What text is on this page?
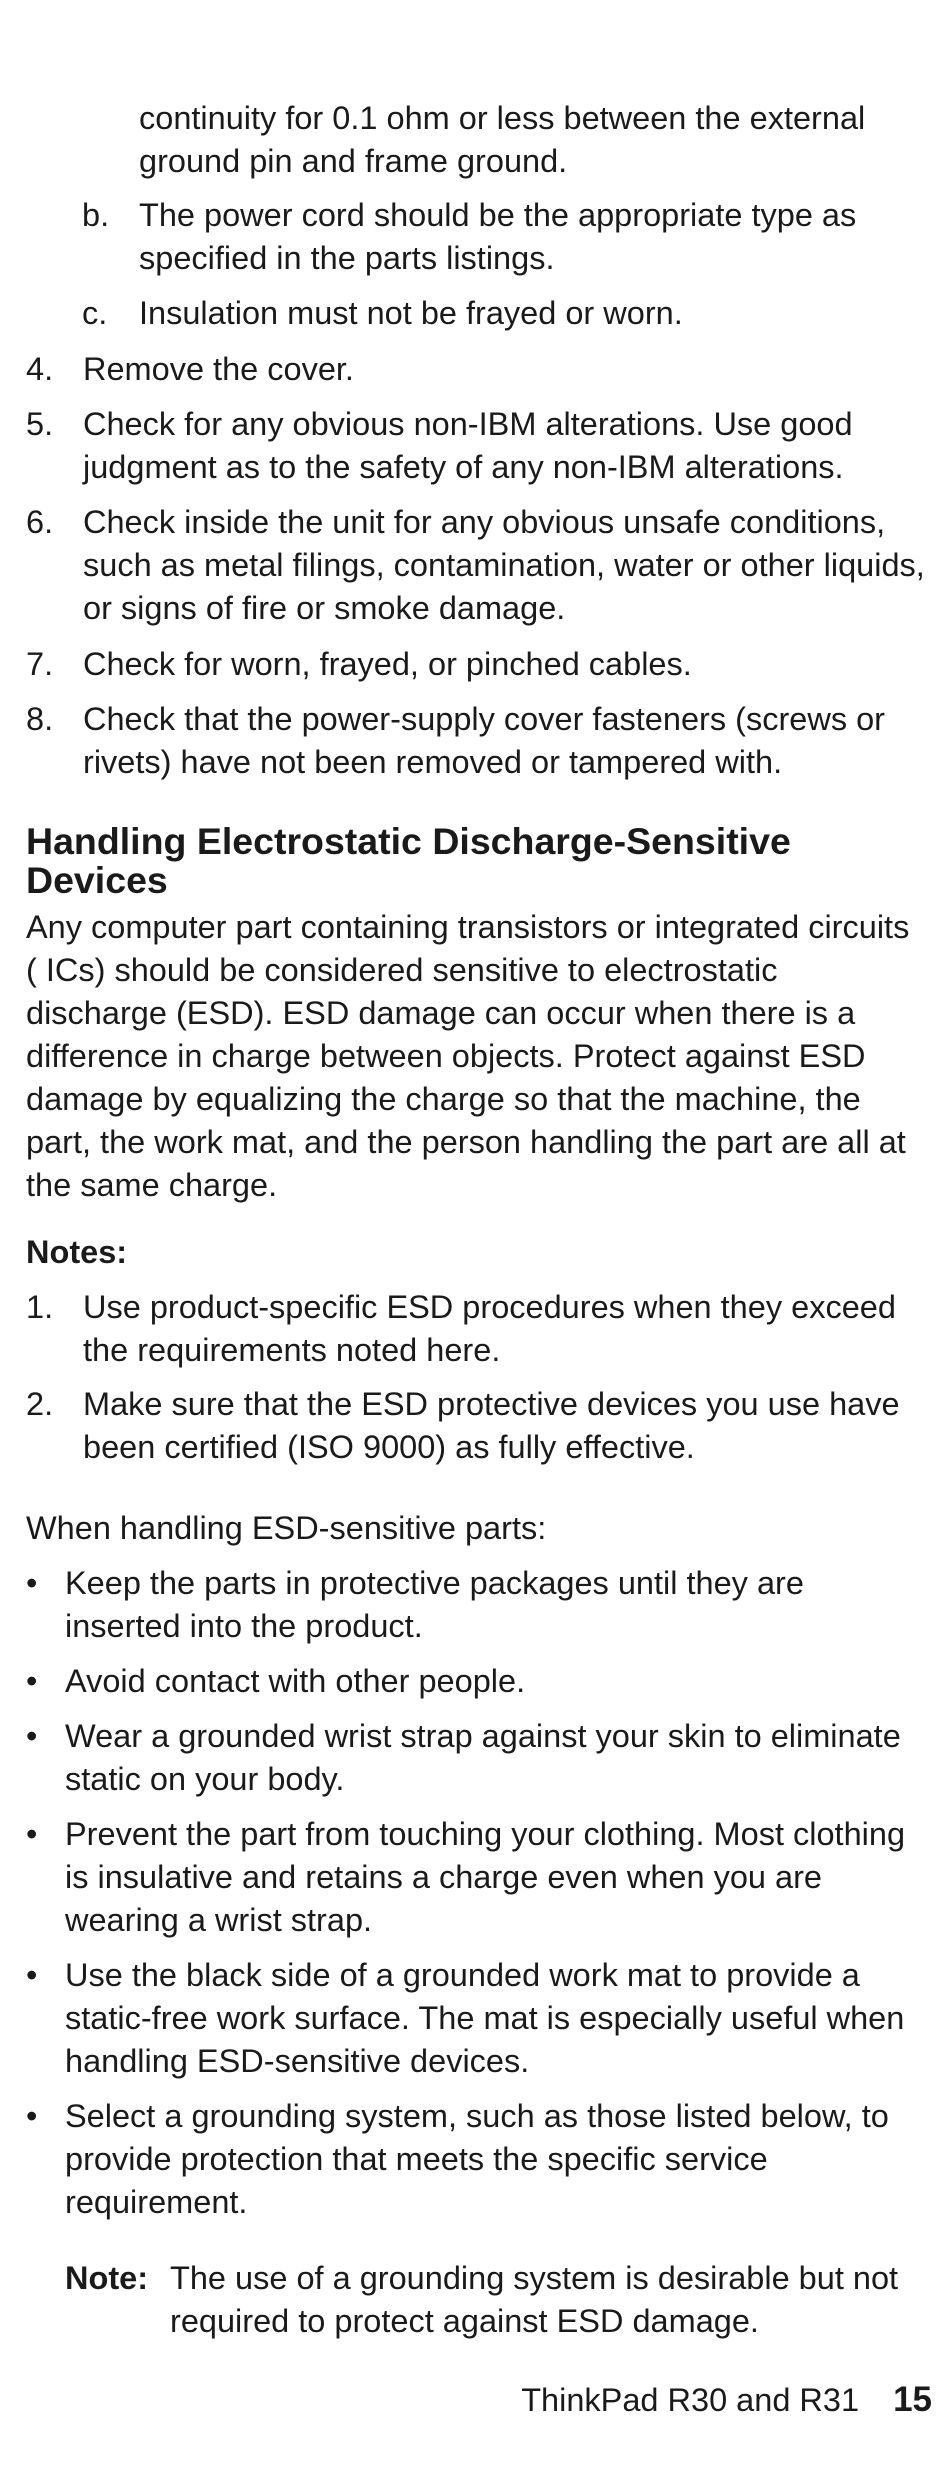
continuity for 0.1 ohm or less between the external
ground pin and frame ground.
b. The power cord should be the appropriate type as specified in the parts listings.
c. Insulation must not be frayed or worn.
4. Remove the cover.
5. Check for any obvious non-IBM alterations. Use good judgment as to the safety of any non-IBM alterations.
6. Check inside the unit for any obvious unsafe conditions, such as metal filings, contamination, water or other liquids, or signs of fire or smoke damage.
7. Check for worn, frayed, or pinched cables.
8. Check that the power-supply cover fasteners (screws or rivets) have not been removed or tampered with.
Handling Electrostatic Discharge-Sensitive Devices

Any computer part containing transistors or integrated circuits ( ICs) should be considered sensitive to electrostatic discharge (ESD). ESD damage can occur when there is a difference in charge between objects. Protect against ESD damage by equalizing the charge so that the machine, the part, the work mat, and the person handling the part are all at the same charge.

Notes:
1. Use product-specific ESD procedures when they exceed the requirements noted here.
2. Make sure that the ESD protective devices you use have been certified (ISO 9000) as fully effective.
When handling ESD-sensitive parts:
• Keep the parts in protective packages until they are inserted into the product.
• Avoid contact with other people.
• Wear a grounded wrist strap against your skin to eliminate static on your body.
• Prevent the part from touching your clothing. Most clothing is insulative and retains a charge even when you are wearing a wrist strap.
• Use the black side of a grounded work mat to provide a static-free work surface. The mat is especially useful when handling ESD-sensitive devices.
• Select a grounding system, such as those listed below, to provide protection that meets the specific service requirement.
Note: The use of a grounding system is desirable but not required to protect against ESD damage.
ThinkPad R30 and R31 15
